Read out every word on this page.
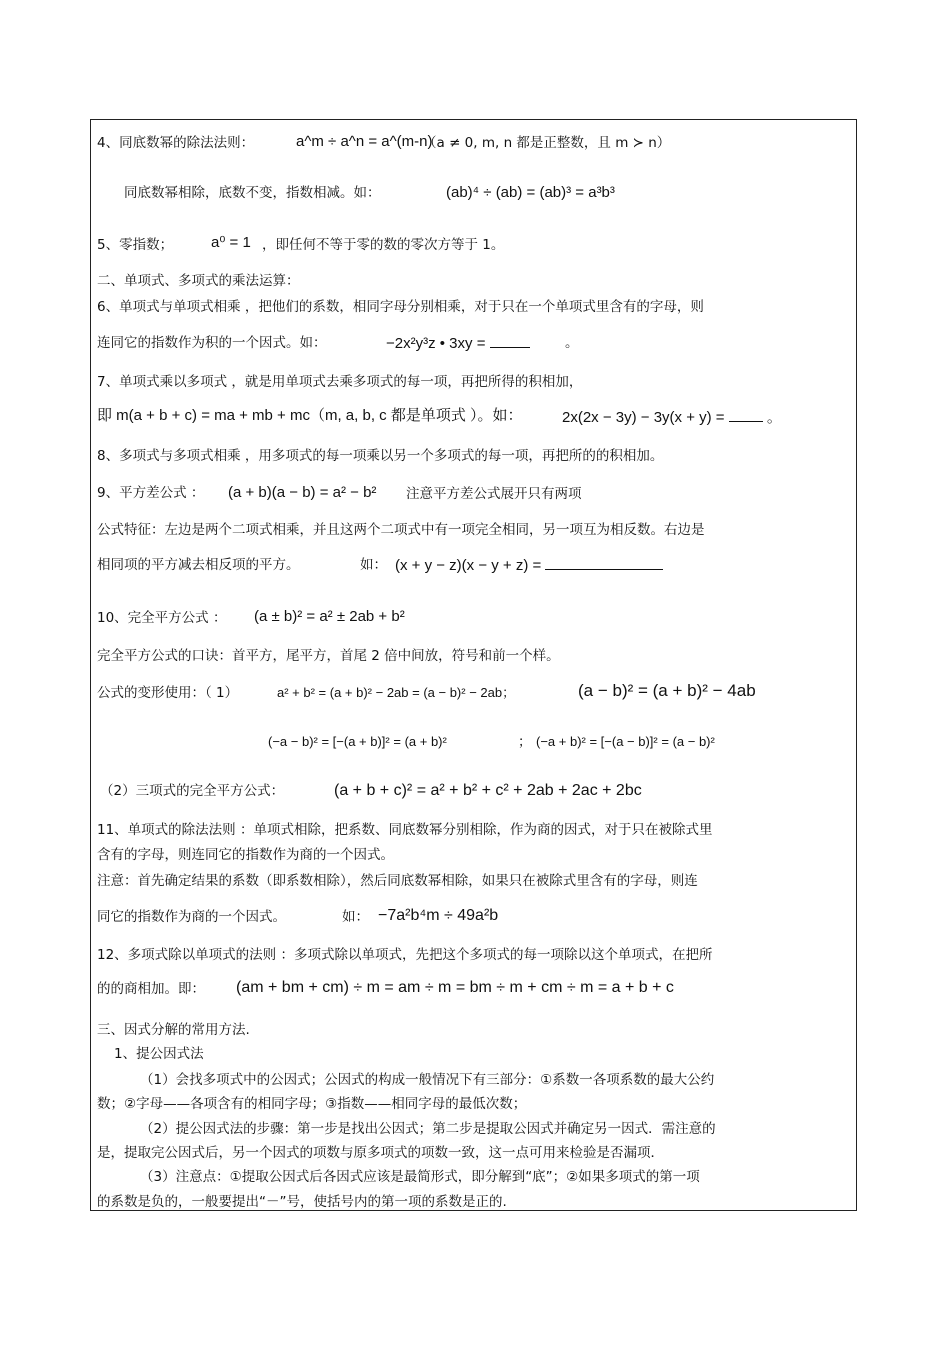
4、同底数幂的除法法则：	a^m ÷ a^n = a^(m-n)
（a ≠ 0, m, n 都是正整数，且 m ≻ n）
同底数幂相除，底数不变，指数相减。如：	(ab)⁴ ÷ (ab) = (ab)³ = a³b³
5、零指数；	a⁰ = 1 ，即任何不等于零的数的零次方等于 1。
二、单项式、多项式的乘法运算：
6、单项式与单项式相乘 ，把他们的系数，相同字母分别相乘，对于只在一个单项式里含有的字母，则
连同它的指数作为积的一个因式。如：	−2x²y³z • 3xy =	。
7、单项式乘以多项式 ，就是用单项式去乘多项式的每一项，再把所得的积相加，
即 m(a + b + c) = ma + mb + mc（m, a, b, c 都是单项式 ）。如：	2x(2x − 3y) − 3y(x + y) =	。
8、多项式与多项式相乘 ，用多项式的每一项乘以另一个多项式的每一项，再把所的的积相加。
9、平方差公式 ： (a + b)(a − b) = a² − b² 注意平方差公式展开只有两项
公式特征：左边是两个二项式相乘，并且这两个二项式中有一项完全相同，另一项互为相反数。右边是
相同项的平方减去相反项的平方。	如： (x + y − z)(x − y + z) =
10、完全平方公式 ： (a ± b)² = a² ± 2ab + b²
完全平方公式的口诀：首平方，尾平方，首尾 2 倍中间放，符号和前一个样。
公式的变形使用：（ 1）	a² + b² = (a + b)² − 2ab = (a − b)² − 2ab；	(a − b)² = (a + b)² − 4ab
(−a − b)² = [−(a + b)]² = (a + b)²	； (−a + b)² = [−(a − b)]² = (a − b)²
（2）三项式的完全平方公式：	(a + b + c)² = a² + b² + c² + 2ab + 2ac + 2bc
11、单项式的除法法则 ：单项式相除，把系数、同底数幂分别相除，作为商的因式，对于只在被除式里
含有的字母，则连同它的指数作为商的一个因式。
注意：首先确定结果的系数（即系数相除），然后同底数幂相除，如果只在被除式里含有的字母，则连
同它的指数作为商的一个因式。	如： −7a²b⁴m ÷ 49a²b
12、多项式除以单项式的法则 ：多项式除以单项式，先把这个多项式的每一项除以这个单项式，在把所
的的商相加。即： (am + bm + cm) ÷ m = am ÷ m = bm ÷ m + cm ÷ m = a + b + c
三、因式分解的常用方法.
1、提公因式法
（1）会找多项式中的公因式；公因式的构成一般情况下有三部分：①系数一各项系数的最大公约
数；②字母——各项含有的相同字母；③指数——相同字母的最低次数；
（2）提公因式法的步骤：第一步是找出公因式；第二步是提取公因式并确定另一因式．需注意的
是，提取完公因式后，另一个因式的项数与原多项式的项数一致，这一点可用来检验是否漏项．
（3）注意点：①提取公因式后各因式应该是最简形式，即分解到“底”；②如果多项式的第一项
的系数是负的，一般要提出“－”号，使括号内的第一项的系数是正的.
